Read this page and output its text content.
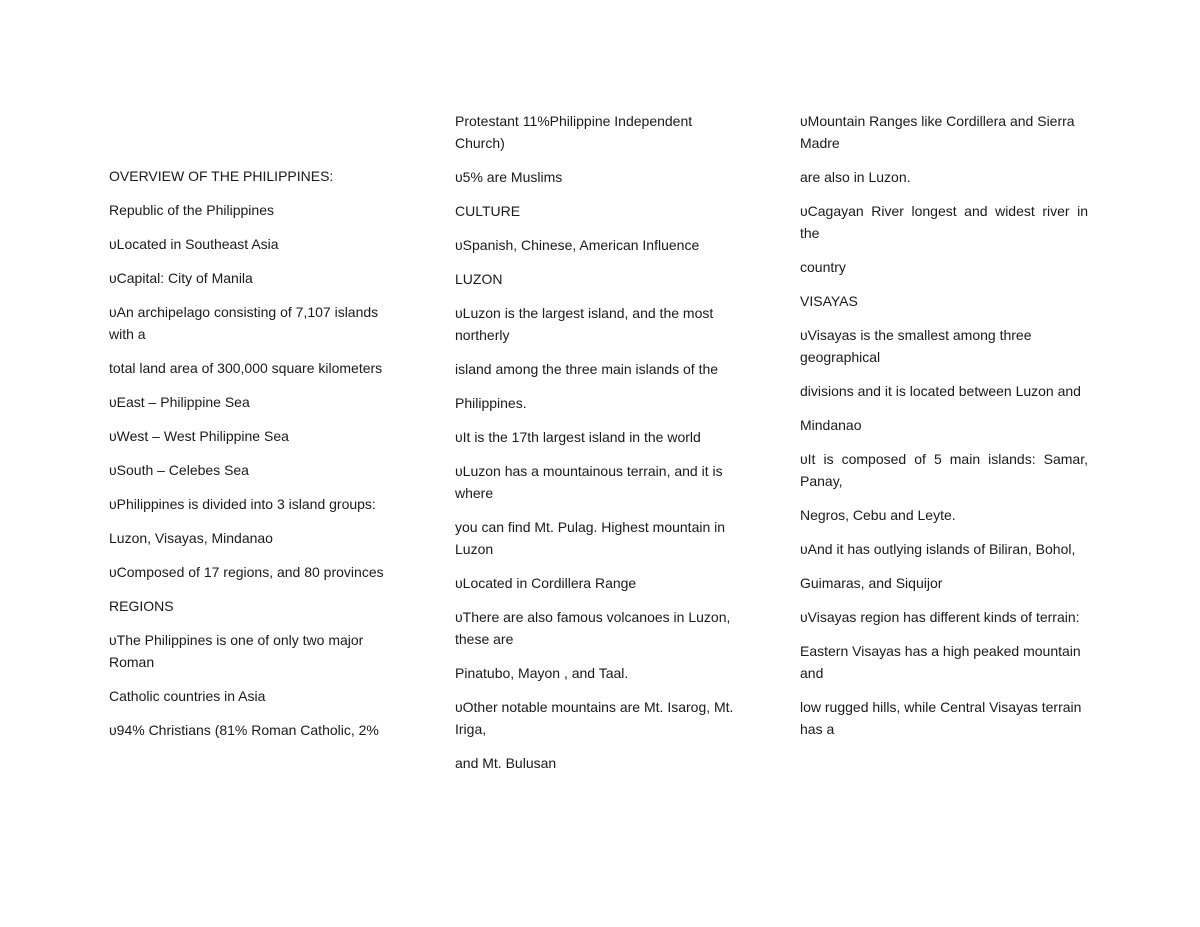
OVERVIEW OF THE PHILIPPINES:

Republic of the Philippines

υLocated in Southeast Asia

υCapital: City of Manila

υAn archipelago consisting of 7,107 islands with a

total land area of 300,000 square kilometers

υEast – Philippine Sea

υWest – West Philippine Sea

υSouth – Celebes Sea

υPhilippines is divided into 3 island groups:

Luzon, Visayas, Mindanao

υComposed of 17 regions, and 80 provinces

REGIONS

υThe Philippines is one of only two major Roman

Catholic countries in Asia

υ94% Christians (81% Roman Catholic, 2%

Protestant 11%Philippine Independent Church)

υ5% are Muslims

CULTURE

υSpanish, Chinese, American Influence

LUZON

υLuzon is the largest island, and the most northerly

island among the three main islands of the

Philippines.

υIt is the 17th largest island in the world

υLuzon has a mountainous terrain, and it is where

you can find Mt. Pulag. Highest mountain in Luzon

υLocated in Cordillera Range

υThere are also famous volcanoes in Luzon, these are

Pinatubo, Mayon , and Taal.

υOther notable mountains are Mt. Isarog, Mt. Iriga,

and Mt. Bulusan

υMountain Ranges like Cordillera and Sierra Madre

are also in Luzon.

υCagayan River longest and widest river in the

country

VISAYAS

υVisayas is the smallest among three geographical

divisions and it is located between Luzon and

Mindanao

υIt is composed of 5 main islands: Samar, Panay,

Negros, Cebu and Leyte.

υAnd it has outlying islands of Biliran, Bohol,

Guimaras, and Siquijor

υVisayas region has different kinds of terrain:

Eastern Visayas has a high peaked mountain and

low rugged hills, while Central Visayas terrain has a
